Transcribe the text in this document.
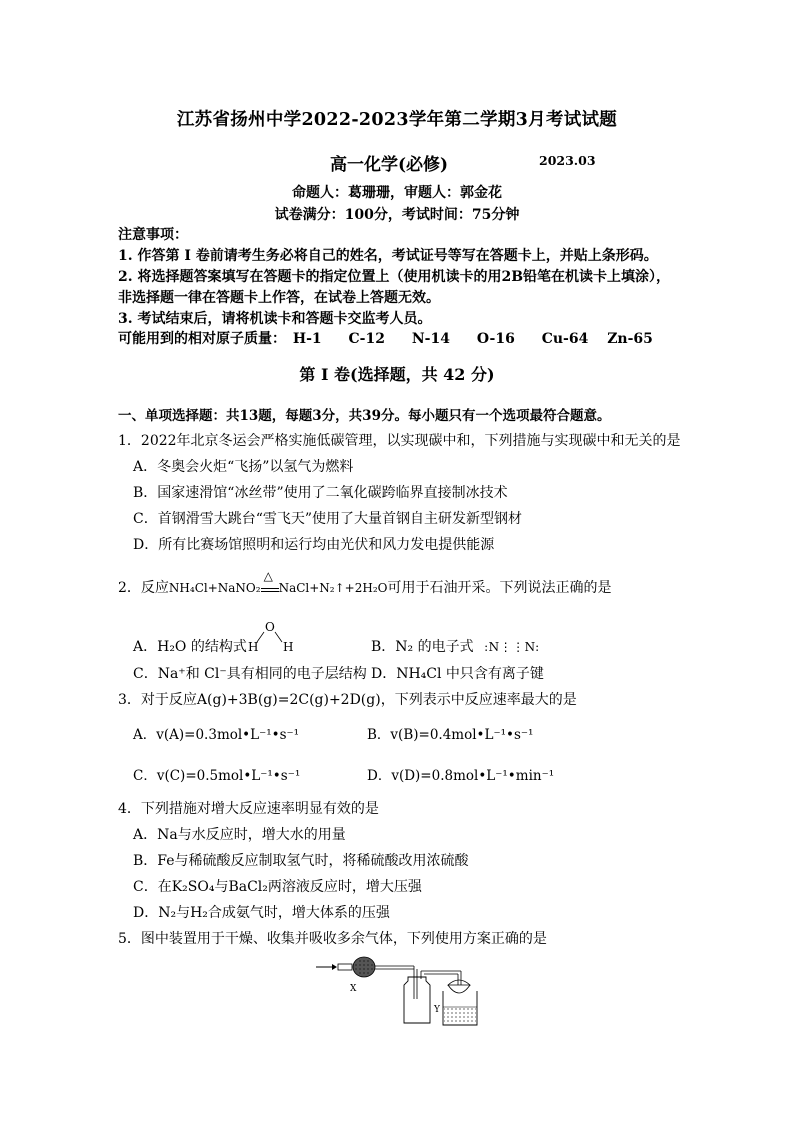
江苏省扬州中学2022-2023学年第二学期3月考试试题
高一化学(必修)	2023.03
命题人：葛珊珊，审题人：郭金花
试卷满分：100分，考试时间：75分钟
注意事项：
1. 作答第 I 卷前请考生务必将自己的姓名，考试证号等写在答题卡上，并贴上条形码。
2. 将选择题答案填写在答题卡的指定位置上（使用机读卡的用2B铅笔在机读卡上填涂），
非选择题一律在答题卡上作答，在试卷上答题无效。
3. 考试结束后，请将机读卡和答题卡交监考人员。
可能用到的相对原子质量： H-1 C-12 N-14 O-16 Cu-64 Zn-65
第 I 卷(选择题，共 42 分)
一、单项选择题：共13题，每题3分，共39分。每小题只有一个选项最符合题意。
1．2022年北京冬运会严格实施低碳管理，以实现碳中和，下列措施与实现碳中和无关的是
A．冬奥会火炬“飞扬”以氢气为燃料
B．国家速滑馆“冰丝带”使用了二氧化碳跨临界直接制冰技术
C．首钢滑雪大跳台“雪飞天”使用了大量首钢自主研发新型钢材
D．所有比赛场馆照明和运行均由光伏和风力发电提供能源
2．反应NH₄Cl+NaNO₂
△
NaCl+N₂↑+2H₂O可用于石油开采。下列说法正确的是
A．H₂O 的结构式
O
H H	B．N₂ 的电子式 :N⋮⋮N:
C．Na⁺和 Cl⁻具有相同的电子层结构 D．NH₄Cl 中只含有离子键
3．对于反应A(g)+3B(g)=2C(g)+2D(g)，下列表示中反应速率最大的是
A．v(A)=0.3mol•L⁻¹•s⁻¹	B．v(B)=0.4mol•L⁻¹•s⁻¹
C．v(C)=0.5mol•L⁻¹•s⁻¹	D．v(D)=0.8mol•L⁻¹•min⁻¹
4．下列措施对增大反应速率明显有效的是
A．Na与水反应时，增大水的用量
B．Fe与稀硫酸反应制取氢气时，将稀硫酸改用浓硫酸
C．在K₂SO₄与BaCl₂两溶液反应时，增大压强
D．N₂与H₂合成氨气时，增大体系的压强
5．图中装置用于干燥、收集并吸收多余气体，下列使用方案正确的是
X
Y
